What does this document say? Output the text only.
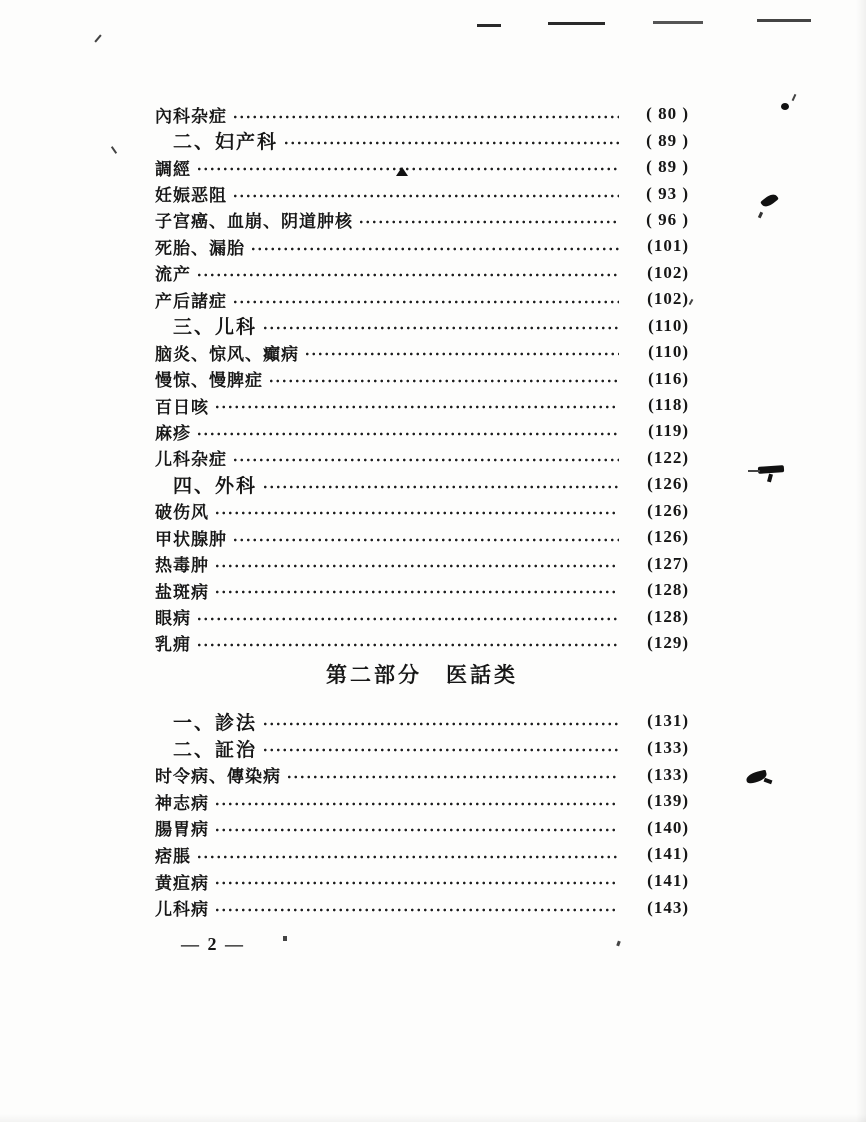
內科杂症	( 80 )
二、妇产科	( 89 )
調經	( 89 )
妊娠恶阻	( 93 )
子宫癌、血崩、阴道肿核	( 96 )
死胎、漏胎	(101)
流产	(102)
产后諸症	(102)
三、儿科	(110)
脑炎、惊风、癲病	(110)
慢惊、慢脾症	(116)
百日咳	(118)
麻疹	(119)
儿科杂症	(122)
四、外科	(126)
破伤风	(126)
甲状腺肿	(126)
热毒肿	(127)
盐斑病	(128)
眼病	(128)
乳痈	(129)
第二部分　医話类
一、診法	(131)
二、証治	(133)
时令病、傳染病	(133)
神志病	(139)
腸胃病	(140)
痞脹	(141)
黄疸病	(141)
儿科病	(143)
— 2 —
